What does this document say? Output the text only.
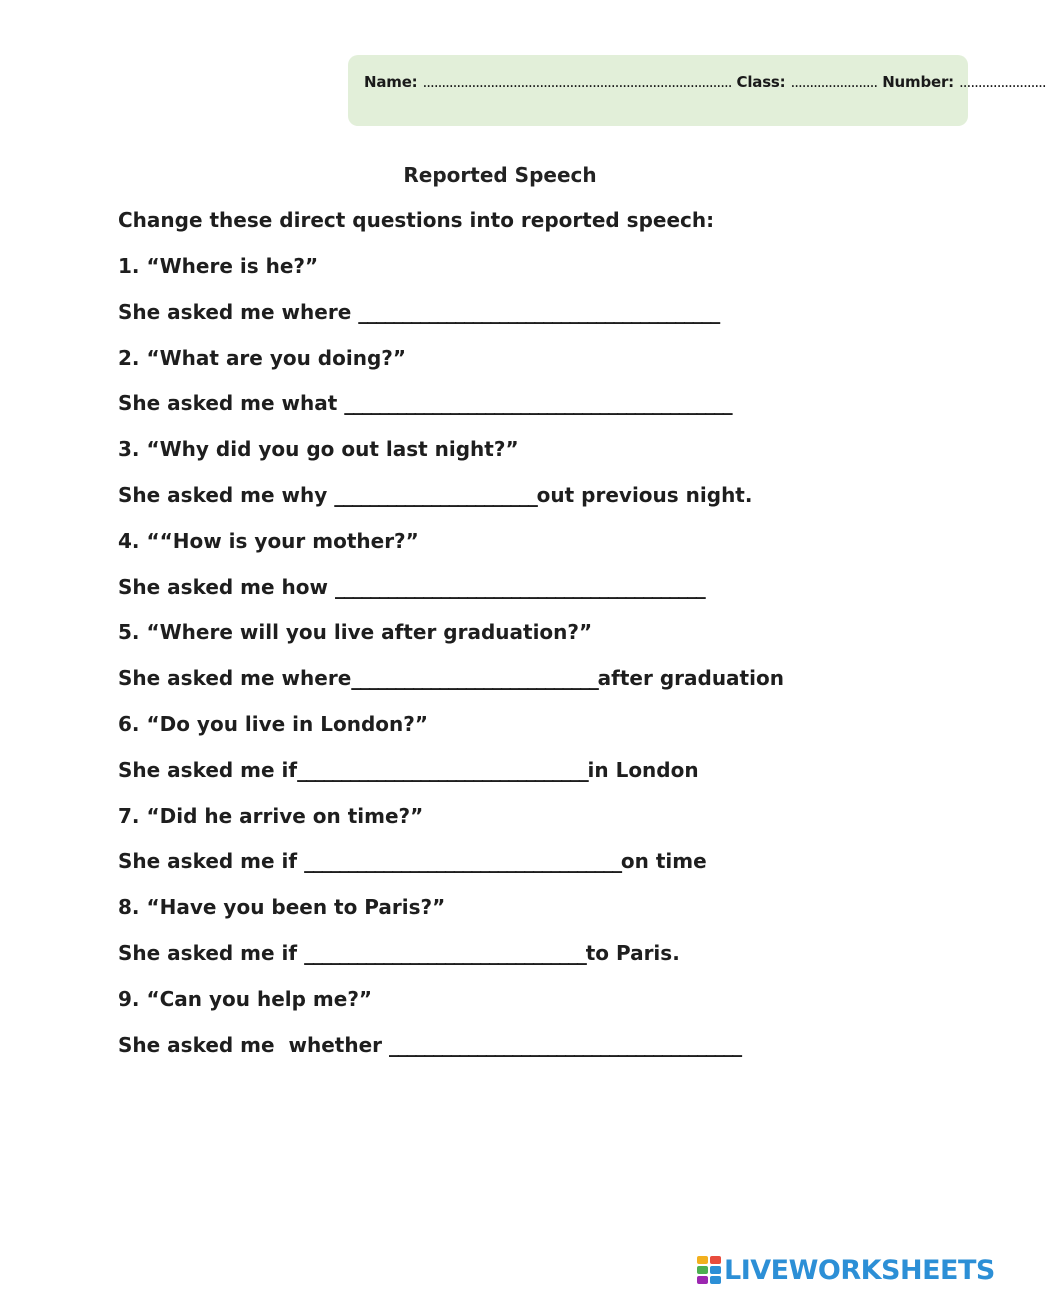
Name: .................................................................................. Class: ....................... Number: .......................
Reported Speech
Change these direct questions into reported speech:
1. “Where is he?”
She asked me where _________________________________________
2. “What are you doing?”
She asked me what ____________________________________________
3. “Why did you go out last night?”
She asked me why _______________________out previous night.
4. ““How is your mother?”
She asked me how __________________________________________
5. “Where will you live after graduation?”
She asked me where____________________________after graduation
6. “Do you live in London?”
She asked me if_________________________________in London
7. “Did he arrive on time?”
She asked me if ____________________________________on time
8. “Have you been to Paris?”
She asked me if ________________________________to Paris.
9. “Can you help me?”
She asked me  whether ________________________________________
LIVEWORKSHEETS
